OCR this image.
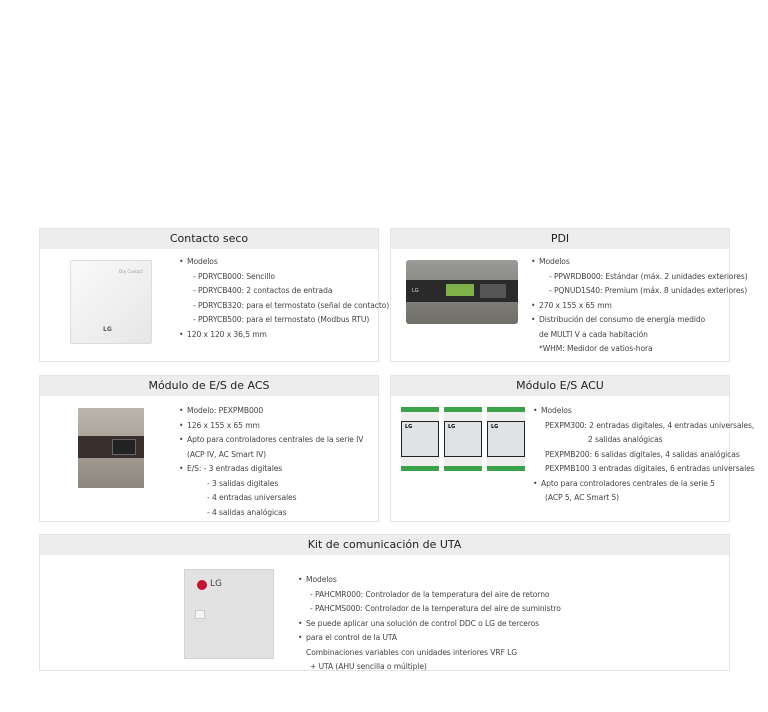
Contacto seco
Dry Contact
LG
• Modelos
- PDRYCB000: Sencillo
- PDRYCB400: 2 contactos de entrada
- PDRYCB320: para el termostato (señal de contacto)
- PDRYCB500: para el termostato (Modbus RTU)
• 120 x 120 x 36,5 mm
PDI
LG
• Modelos
- PPWRDB000: Estándar (máx. 2 unidades exteriores)
- PQNUD1S40: Premium (máx. 8 unidades exteriores)
• 270 x 155 x 65 mm
• Distribución del consumo de energía medido
de MULTI V a cada habitación
*WHM: Medidor de vatios-hora
Módulo de E/S de ACS
• Modelo: PEXPMB000
• 126 x 155 x 65 mm
• Apto para controladores centrales de la serie IV
(ACP IV, AC Smart IV)
• E/S: - 3 entradas digitales
- 3 salidas digitales
- 4 entradas universales
- 4 salidas analógicas
Módulo E/S ACU
LG	LG	LG
• Modelos
PEXPM300: 2 entradas digitales, 4 entradas universales,
2 salidas analógicas
PEXPMB200: 6 salidas digitales, 4 salidas analógicas
PEXPMB100 3 entradas digitales, 6 entradas universales
• Apto para controladores centrales de la serie 5
(ACP 5, AC Smart 5)
Kit de comunicación de UTA
LG	• Modelos
- PAHCMR000: Controlador de la temperatura del aire de retorno
- PAHCMS000: Controlador de la temperatura del aire de suministro
• Se puede aplicar una solución de control DDC o LG de terceros
• para el control de la UTA
Combinaciones variables con unidades interiores VRF LG
+ UTA (AHU sencilla o múltiple)
